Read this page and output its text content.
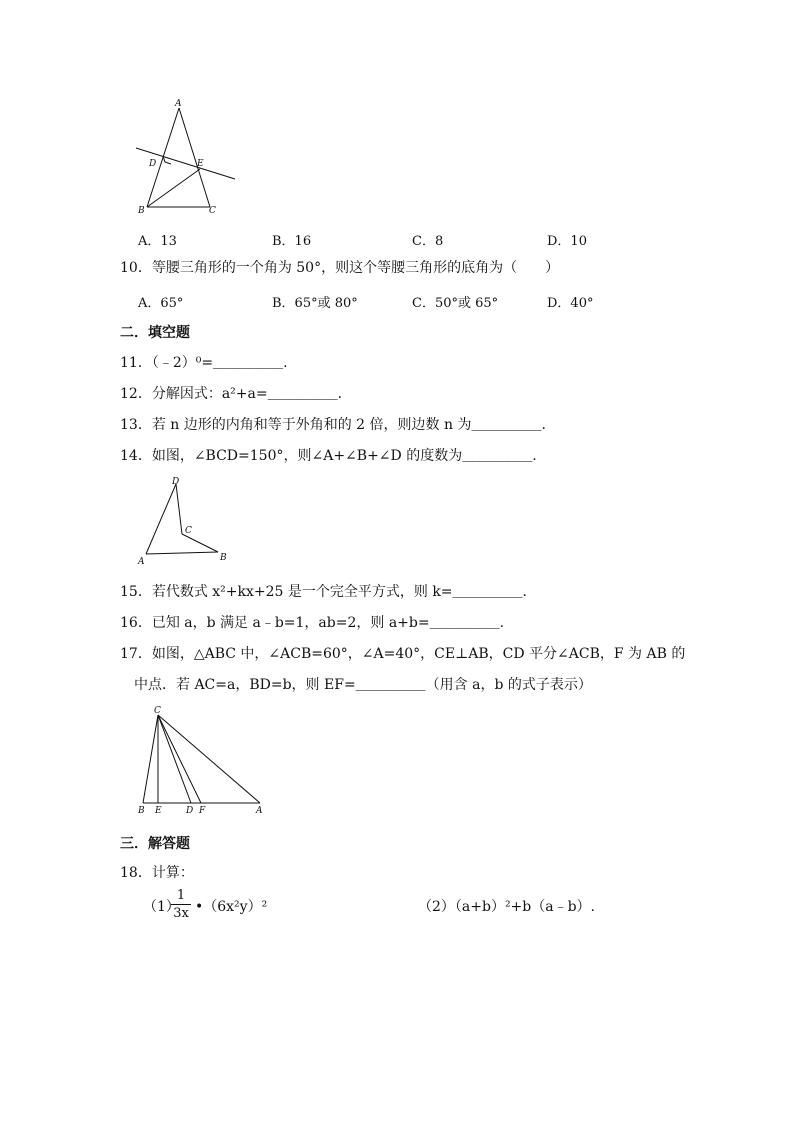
A
D	E
B	C
A．13	B．16	C．8	D．10
10．等腰三角形的一个角为 50°，则这个等腰三角形的底角为（　　）
A．65°	B．65°或 80°	C．50°或 65°	D．40°
二．填空题
11．（﹣2）⁰=＿＿＿＿＿.
12．分解因式：a²+a=＿＿＿＿＿.
13．若 n 边形的内角和等于外角和的 2 倍，则边数 n 为＿＿＿＿＿.
14．如图，∠BCD=150°，则∠A+∠B+∠D 的度数为＿＿＿＿＿.
D
C
A	B
15．若代数式 x²+kx+25 是一个完全平方式，则 k=＿＿＿＿＿.
16．已知 a，b 满足 a﹣b=1，ab=2，则 a+b=＿＿＿＿＿.
17．如图，△ABC 中，∠ACB=60°，∠A=40°，CE⊥AB，CD 平分∠ACB，F 为 AB 的
中点．若 AC=a，BD=b，则 EF=＿＿＿＿＿（用含 a，b 的式子表示）
C
B E	D F	A
三．解答题
18．计算：
（1）
1
3x •（6x²y）²	（2）（a+b）²+b（a﹣b）.
